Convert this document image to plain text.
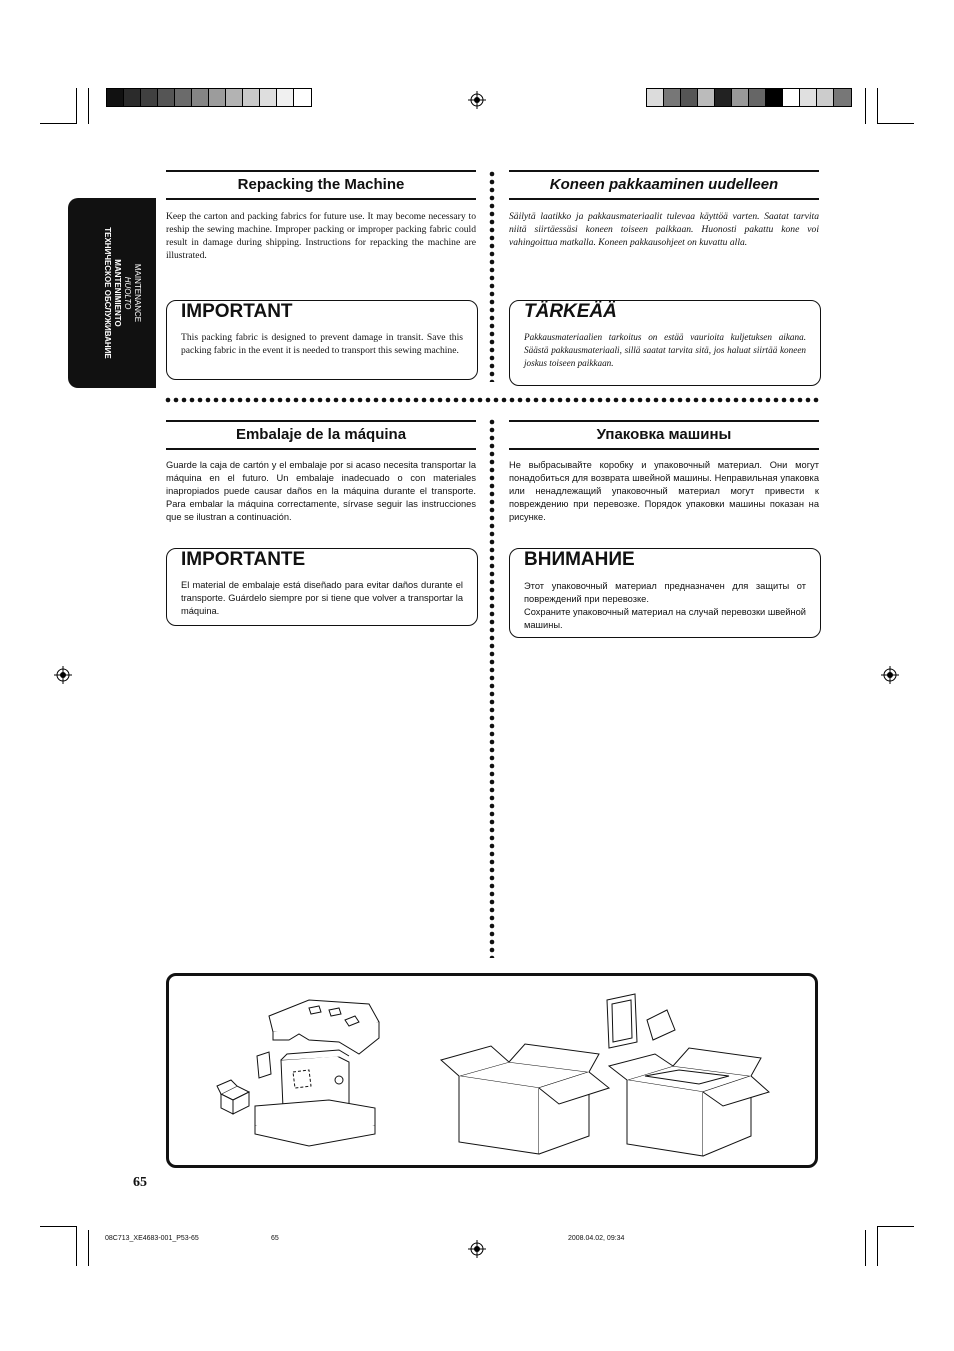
MAINTENANCE
HUOLTO
MANTENIMIENTO
ТЕХНИЧЕСКОЕ ОБСЛУЖИВАНИЕ
Repacking the Machine
Keep the carton and packing fabrics for future use. It may become necessary to reship the sewing machine. Improper packing or improper packing fabric could result in damage during shipping. Instructions for repacking the machine are illustrated.
IMPORTANT
This packing fabric is designed to prevent damage in transit. Save this packing fabric in the event it is needed to transport this sewing machine.
Koneen pakkaaminen uudelleen
Säilytä laatikko ja pakkausmateriaalit tulevaa käyttöä varten. Saatat tarvita niitä siirtäessäsi koneen toiseen paikkaan. Huonosti pakattu kone voi vahingoittua matkalla. Koneen pakkausohjeet on kuvattu alla.
TÄRKEÄÄ
Pakkausmateriaalien tarkoitus on estää vaurioita kuljetuksen aikana. Säästä pakkausmateriaali, sillä saatat tarvita sitä, jos haluat siirtää koneen joskus toiseen paikkaan.
Embalaje de la máquina
Guarde la caja de cartón y el embalaje por si acaso necesita transportar la máquina en el futuro. Un embalaje inadecuado o con materiales inapropiados puede causar daños en la máquina durante el transporte. Para embalar la máquina correctamente, sírvase seguir las instrucciones que se ilustran a continuación.
IMPORTANTE
El material de embalaje está diseñado para evitar daños durante el transporte. Guárdelo siempre por si tiene que volver a transportar la máquina.
Упаковка машины
Не выбрасывайте коробку и упаковочный материал. Они могут понадобиться для возврата швейной машины. Неправильная упаковка или ненадлежащий упаковочный материал могут привести к повреждению при перевозке. Порядок упаковки машины показан на рисунке.
ВНИМАНИЕ
Этот упаковочный материал предназначен для защиты от повреждений при перевозке.
Сохраните упаковочный материал на случай перевозки швейной машины.
65
08C713_XE4683-001_P53-65	65	2008.04.02, 09:34
